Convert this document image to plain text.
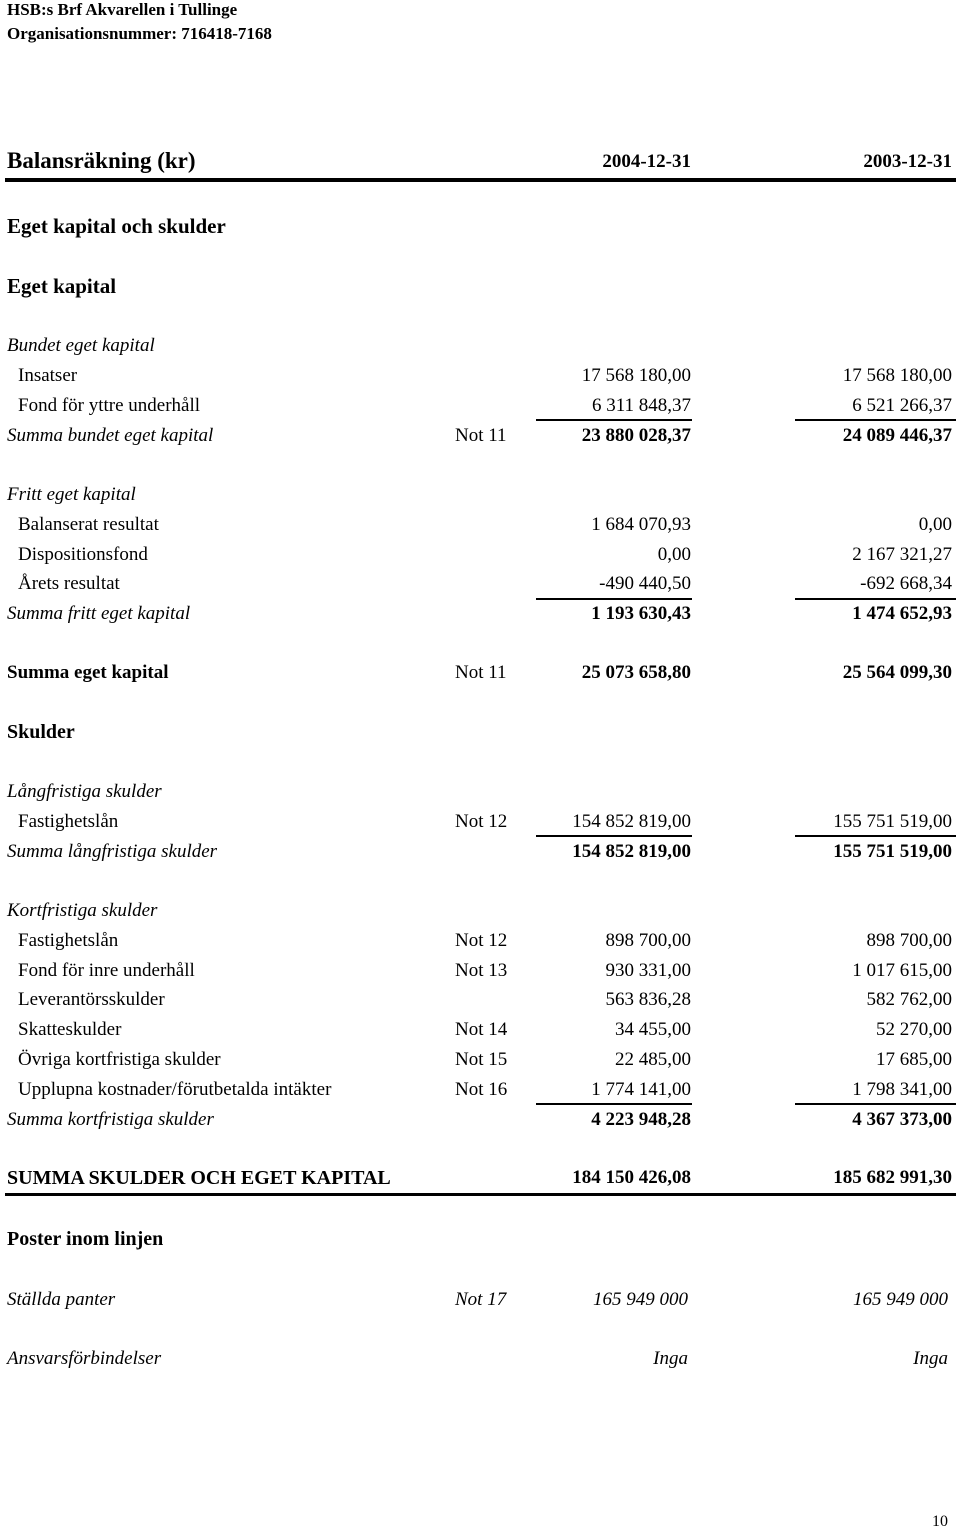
HSB:s Brf Akvarellen i Tullinge
Organisationsnummer: 716418-7168
Balansräkning (kr)	2004-12-31	2003-12-31
Eget kapital och skulder
Eget kapital
Bundet eget kapital
Insatser	17 568 180,00	17 568 180,00
Fond för yttre underhåll	6 311 848,37	6 521 266,37
Summa bundet eget kapital	Not 11	23 880 028,37	24 089 446,37
Fritt eget kapital
Balanserat resultat	1 684 070,93	0,00
Dispositionsfond	0,00	2 167 321,27
Årets resultat	-490 440,50	-692 668,34
Summa fritt eget kapital	1 193 630,43	1 474 652,93
Summa eget kapital	Not 11	25 073 658,80	25 564 099,30
Skulder
Långfristiga skulder
Fastighetslån	Not 12	154 852 819,00	155 751 519,00
Summa långfristiga skulder	154 852 819,00	155 751 519,00
Kortfristiga skulder
Fastighetslån	Not 12	898 700,00	898 700,00
Fond för inre underhåll	Not 13	930 331,00	1 017 615,00
Leverantörsskulder	563 836,28	582 762,00
Skatteskulder	Not 14	34 455,00	52 270,00
Övriga kortfristiga skulder	Not 15	22 485,00	17 685,00
Upplupna kostnader/förutbetalda intäkter	Not 16	1 774 141,00	1 798 341,00
Summa kortfristiga skulder	4 223 948,28	4 367 373,00
SUMMA SKULDER OCH EGET KAPITAL	184 150 426,08	185 682 991,30
Poster inom linjen
Ställda panter	Not 17	165 949 000	165 949 000
Ansvarsförbindelser	Inga	Inga
10
